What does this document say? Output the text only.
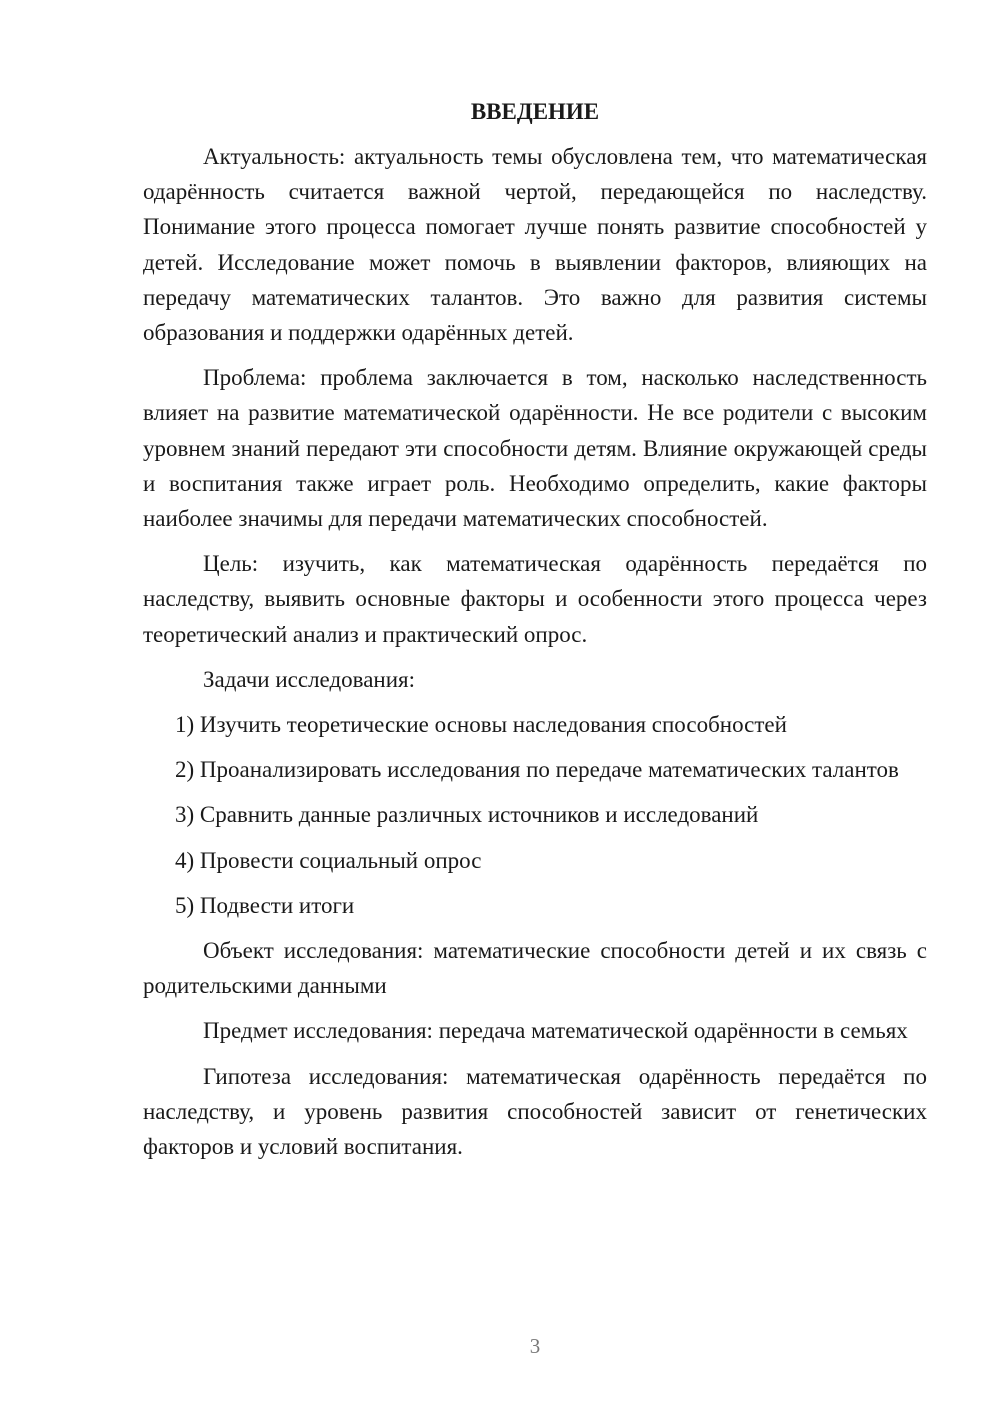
ВВЕДЕНИЕ

Актуальность: актуальность темы обусловлена тем, что математическая одарённость считается важной чертой, передающейся по наследству. Понимание этого процесса помогает лучше понять развитие способностей у детей. Исследование может помочь в выявлении факторов, влияющих на передачу математических талантов. Это важно для развития системы образования и поддержки одарённых детей.

Проблема: проблема заключается в том, насколько наследственность влияет на развитие математической одарённости. Не все родители с высоким уровнем знаний передают эти способности детям. Влияние окружающей среды и воспитания также играет роль. Необходимо определить, какие факторы наиболее значимы для передачи математических способностей.

Цель: изучить, как математическая одарённость передаётся по наследству, выявить основные факторы и особенности этого процесса через теоретический анализ и практический опрос.

Задачи исследования:

1) Изучить теоретические основы наследования способностей

2) Проанализировать исследования по передаче математических талантов

3) Сравнить данные различных источников и исследований

4) Провести социальный опрос

5) Подвести итоги

Объект исследования: математические способности детей и их связь с родительскими данными

Предмет исследования: передача математической одарённости в семьях

Гипотеза исследования: математическая одарённость передаётся по наследству, и уровень развития способностей зависит от генетических факторов и условий воспитания.

3
